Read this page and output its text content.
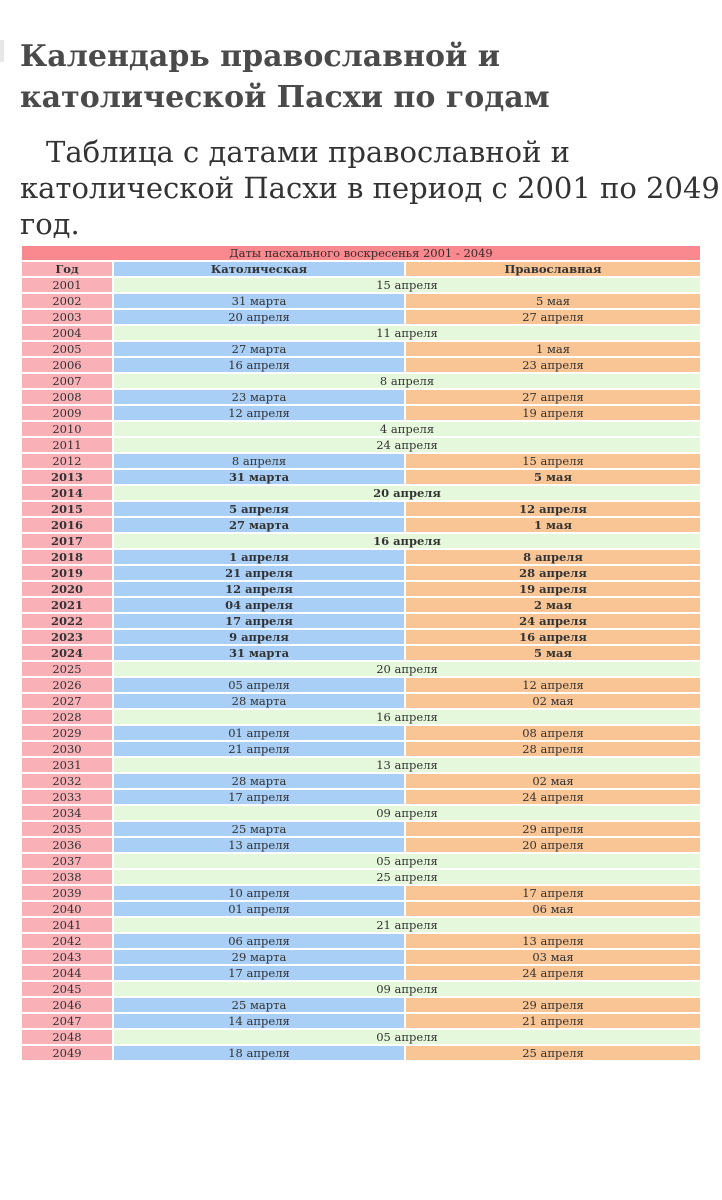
Календарь православной и католической Пасхи по годам

Таблица с датами православной и католической Пасхи в период с 2001 по 2049 год.

Даты пасхального воскресенья 2001 - 2049		
Год	Католическая	Православная
2001	15 апреля	
2002	31 марта	5 мая
2003	20 апреля	27 апреля
2004	11 апреля	
2005	27 марта	1 мая
2006	16 апреля	23 апреля
2007	8 апреля	
2008	23 марта	27 апреля
2009	12 апреля	19 апреля
2010	4 апреля	
2011	24 апреля	
2012	8 апреля	15 апреля
2013	31 марта	5 мая
2014	20 апреля	
2015	5 апреля	12 апреля
2016	27 марта	1 мая
2017	16 апреля	
2018	1 апреля	8 апреля
2019	21 апреля	28 апреля
2020	12 апреля	19 апреля
2021	04 апреля	2 мая
2022	17 апреля	24 апреля
2023	9 апреля	16 апреля
2024	31 марта	5 мая
2025	20 апреля	
2026	05 апреля	12 апреля
2027	28 марта	02 мая
2028	16 апреля	
2029	01 апреля	08 апреля
2030	21 апреля	28 апреля
2031	13 апреля	
2032	28 марта	02 мая
2033	17 апреля	24 апреля
2034	09 апреля	
2035	25 марта	29 апреля
2036	13 апреля	20 апреля
2037	05 апреля	
2038	25 апреля	
2039	10 апреля	17 апреля
2040	01 апреля	06 мая
2041	21 апреля	
2042	06 апреля	13 апреля
2043	29 марта	03 мая
2044	17 апреля	24 апреля
2045	09 апреля	
2046	25 марта	29 апреля
2047	14 апреля	21 апреля
2048	05 апреля	
2049	18 апреля	25 апреля
